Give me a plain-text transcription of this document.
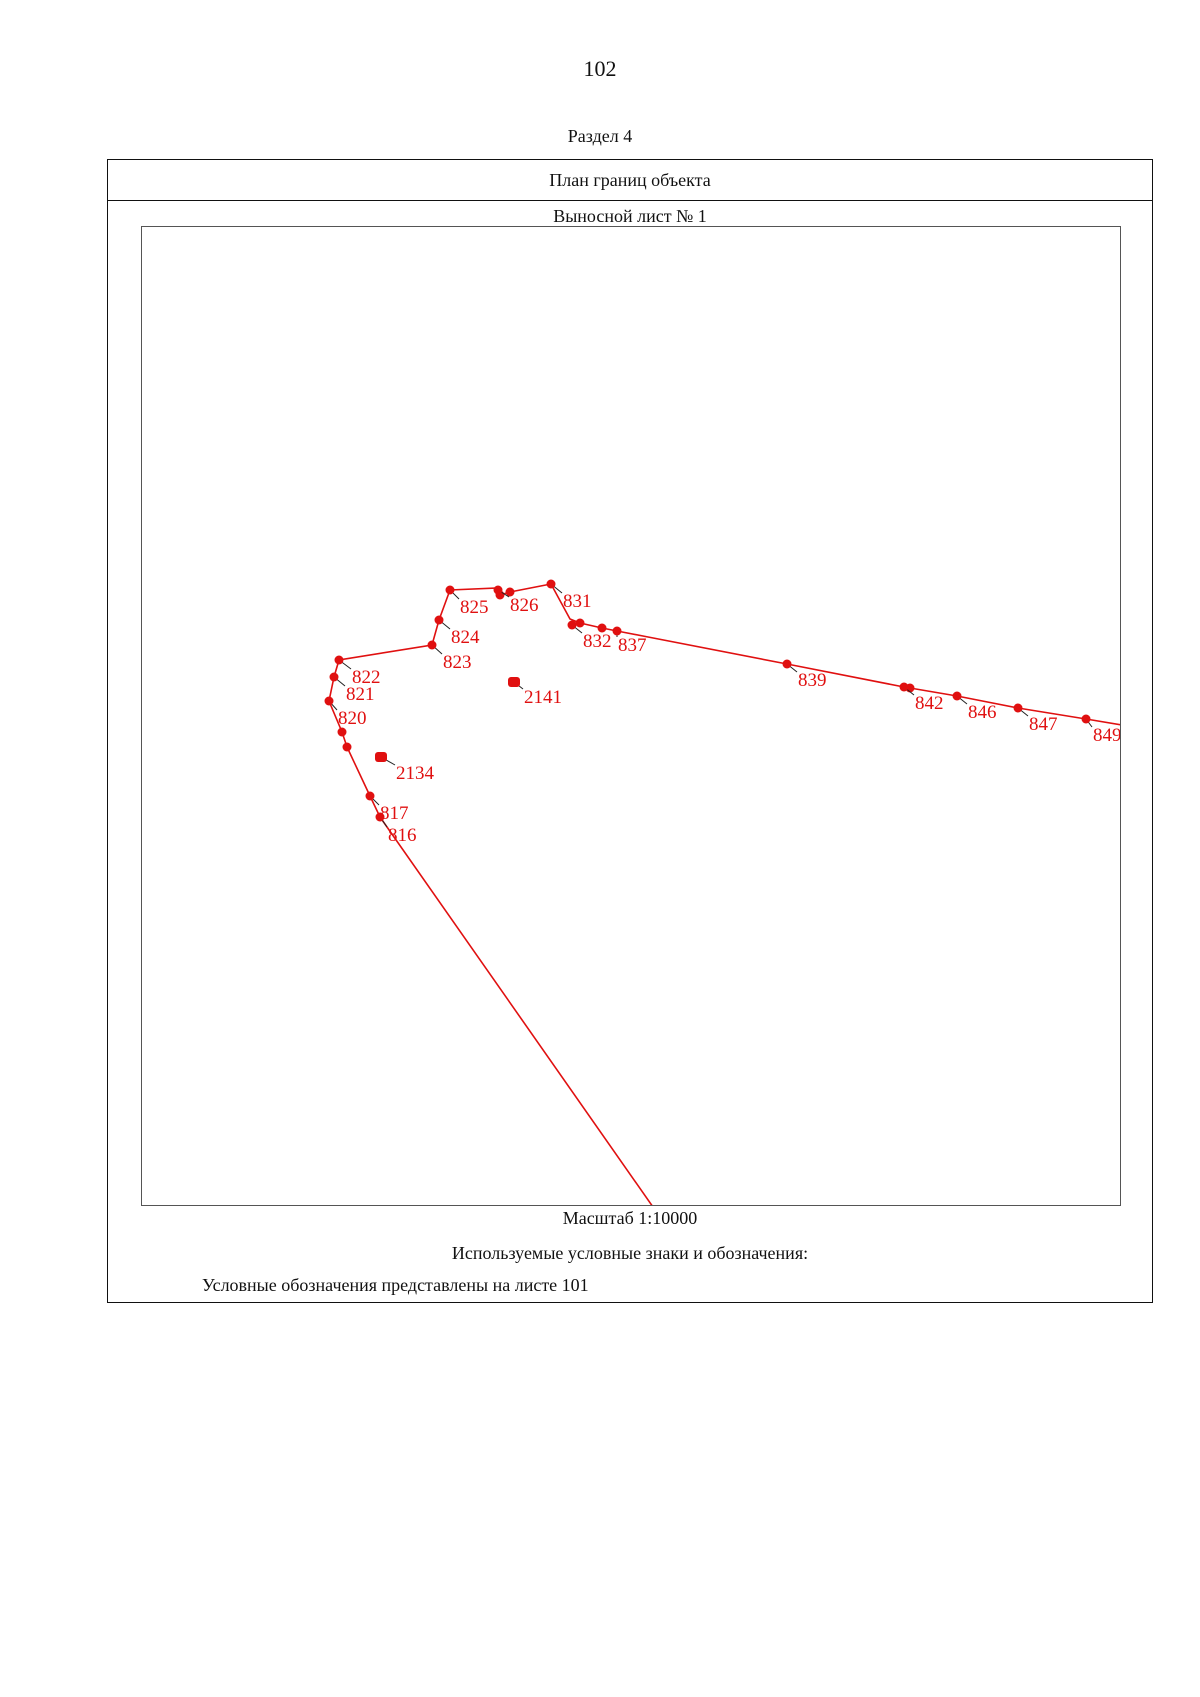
102
Раздел 4
План границ объекта
Выносной лист № 1
816
817
820
821
822
823
824
825 826 831
832 837
839
842 846
847
849
2141
2134
Масштаб 1:10000
Используемые условные знаки и обозначения:
Условные обозначения представлены на листе 101
